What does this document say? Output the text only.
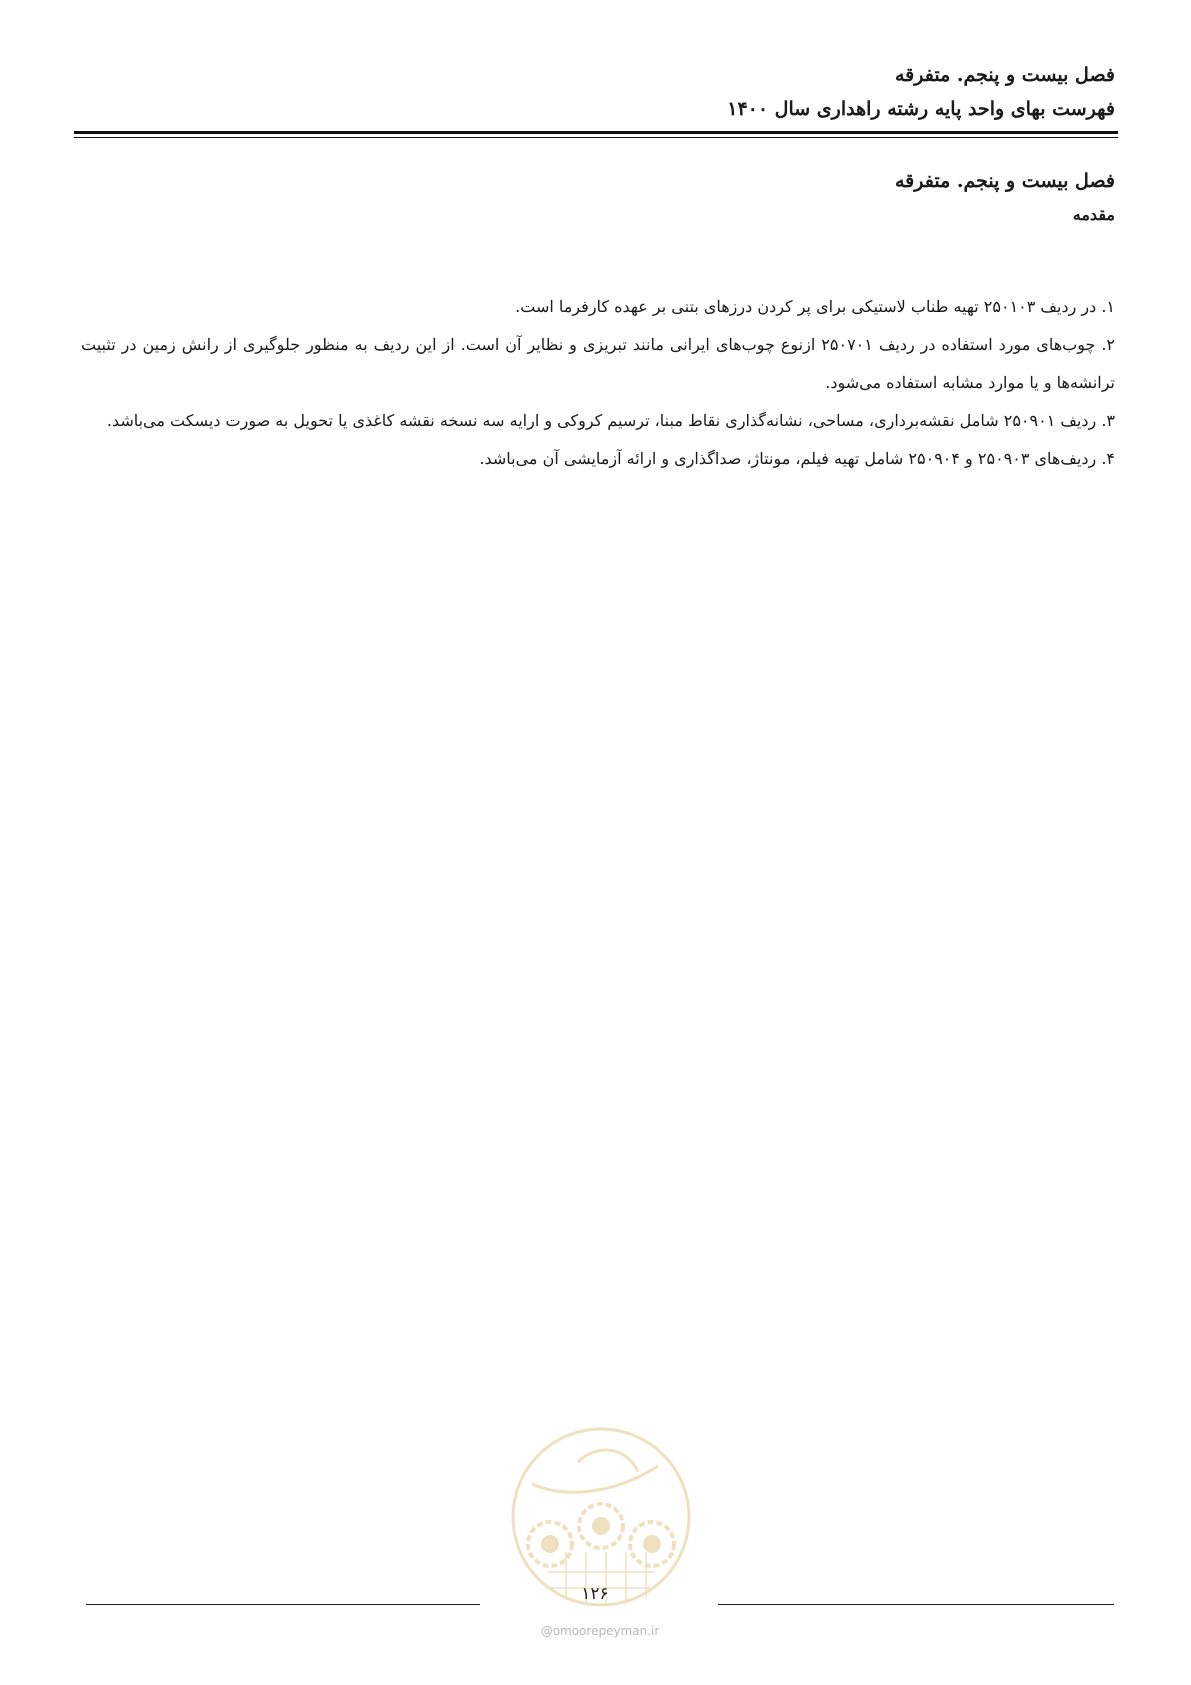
فصل بیست و پنجم. متفرقه
فهرست بهای واحد پایه رشته راهداری سال ۱۴۰۰
فصل بیست و پنجم. متفرقه
مقدمه

۱. در ردیف ۲۵۰۱۰۳ تهیه طناب لاستیکی برای پر کردن درزهای بتنی بر عهده کارفرما است.

۲. چوب‌های مورد استفاده در ردیف ۲۵۰۷۰۱ ازنوع چوب‌های ایرانی مانند تبریزی و نظایر آن است. از این ردیف به منظور جلوگیری از رانش زمین در تثبیت ترانشه‌ها و یا موارد مشابه استفاده می‌شود.

۳. ردیف ۲۵۰۹۰۱ شامل نقشه‌برداری، مساحی، نشانه‌گذاری نقاط مبنا، ترسیم کروکی و ارایه سه نسخه نقشه کاغذی یا تحویل به صورت دیسکت می‌باشد.

۴. ردیف‌های ۲۵۰۹۰۳ و ۲۵۰۹۰۴ شامل تهیه فیلم، مونتاژ، صداگذاری و ارائه آزمایشی آن می‌باشد.

۱۲۶
@omoorepeyman.ir
